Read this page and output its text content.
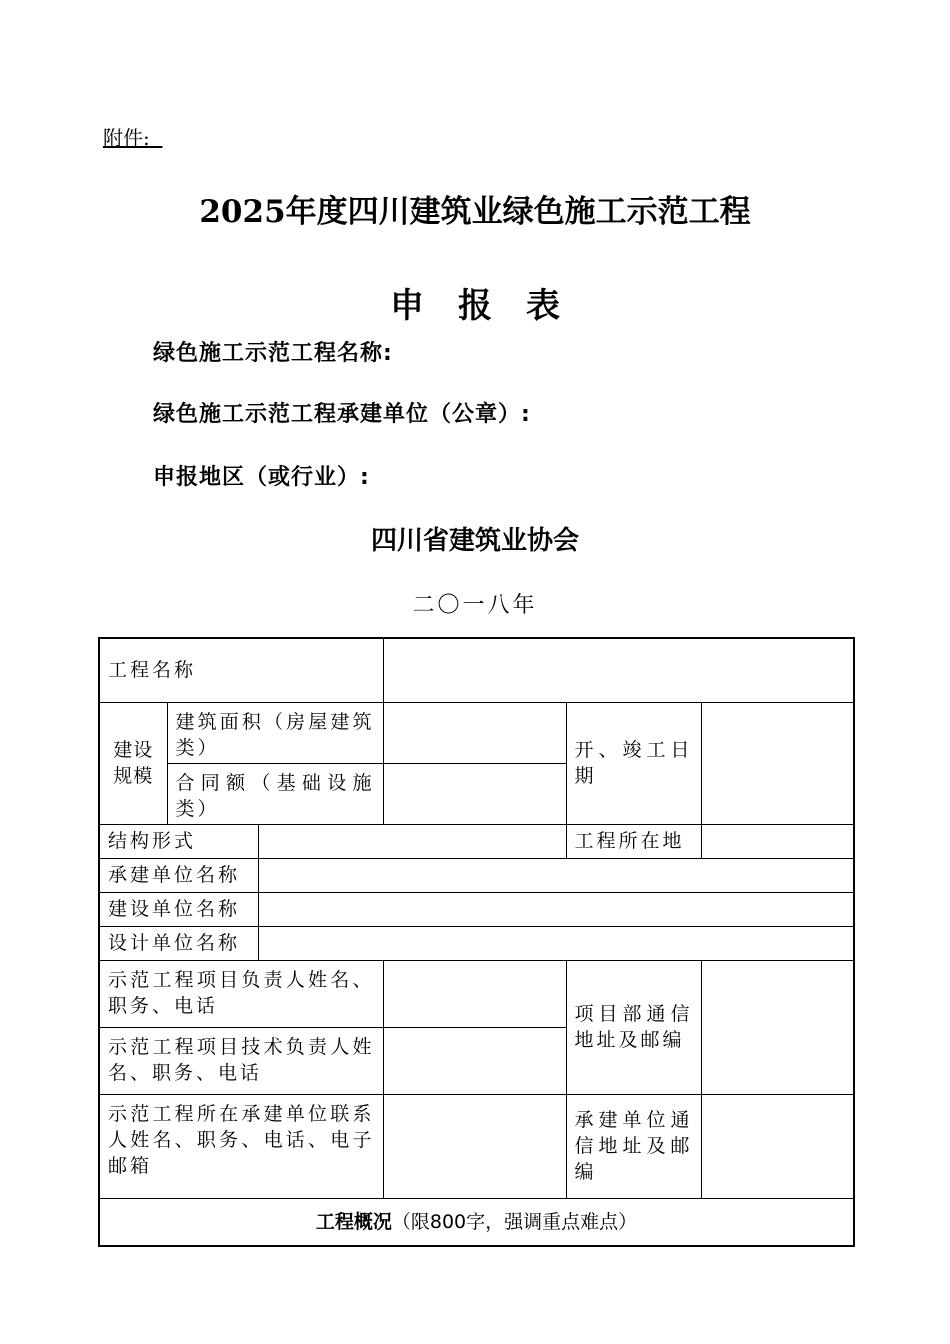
附件:
2025年度四川建筑业绿色施工示范工程
申报表
绿色施工示范工程名称:
绿色施工示范工程承建单位（公章）:
申报地区（或行业）:
四川省建筑业协会
二〇一八年
工程名称					
建设规模	建筑面积（房屋建筑类）			开、竣工日期	
	合同额（基础设施类）				
结构形式				工程所在地	
承建单位名称					
建设单位名称					
设计单位名称					
示范工程项目负责人姓名、职务、电话				项目部通信地址及邮编	
示范工程项目技术负责人姓名、职务、电话					
示范工程所在承建单位联系人姓名、职务、电话、电子邮箱				承建单位通信地址及邮编	
工程概况（限800字，强调重点难点）					
